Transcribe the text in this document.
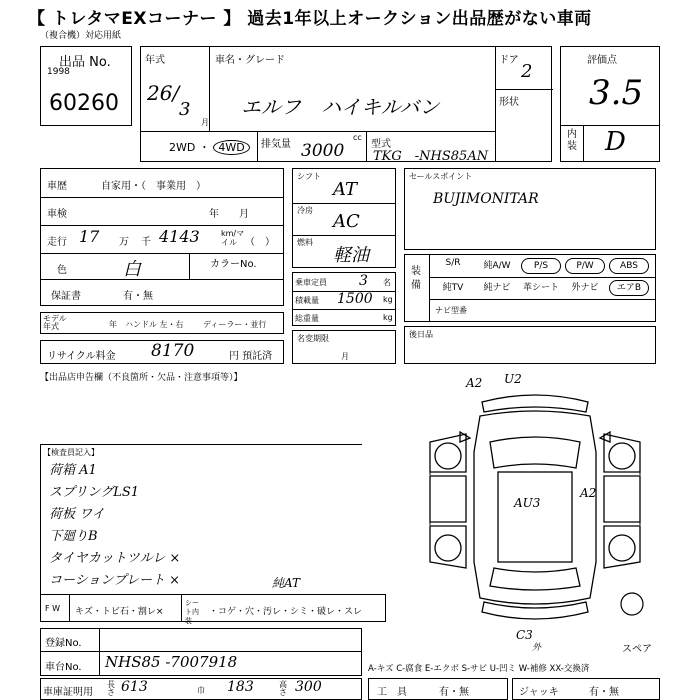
【 トレタマEXコーナー 】 過去1年以上オークション出品歴がない車両
（複合機）対応用紙
出品 No.
1998
60260
年式
26/
3
月
車名・グレード
エルフ　ハイキルバン
ドア
2
形状
2WD ・ 4WD	排気量
cc
3000	型式
TKG　-NHS85AN
評価点
3.5
内装 D
車歴	自家用・（　事業用　）
車検	年　　月
走行 17 万 千 4143	km/マイル （　）
色	白
保証書	有・無
カラーNo.
モデル年式	年 ハンドル 左・右 ディーラー・並行
リサイクル料金 8170	円 預託済
シフト
AT
冷房
AC
燃料
軽油
乗車定員 3 名
積載量 1500 kg
総重量	kg
名変期限
月
セールスポイント
BUJIMONITAR
装備
ナビ型番
S/R	純A/W	P/S	P/W	ABS
純TV	純ナビ	革シート	外ナビ	エアB
後日品
【出品店申告欄（不良箇所・欠品・注意事項等）】
【検査員記入】
荷箱 A1
スプリングLS1
荷板 ワイ
下廻りB
タイヤカットツルレ ×
コーションプレート ×
F W キズ・トビ石・割レ×
シート内装
・コゲ・穴・汚レ・シミ・破レ・スレ
純AT
A2 U2
AU3
A2
C3
外	スペア
登録No.
車台No. NHS85 -7007918	A-キズ C-腐食 E-エクボ S-サビ U-凹ミ W-補修 XX-交換済
車庫証明用
長さ 613	巾 183	高さ 300	工　具	有・無	ジャッキ	有・無
